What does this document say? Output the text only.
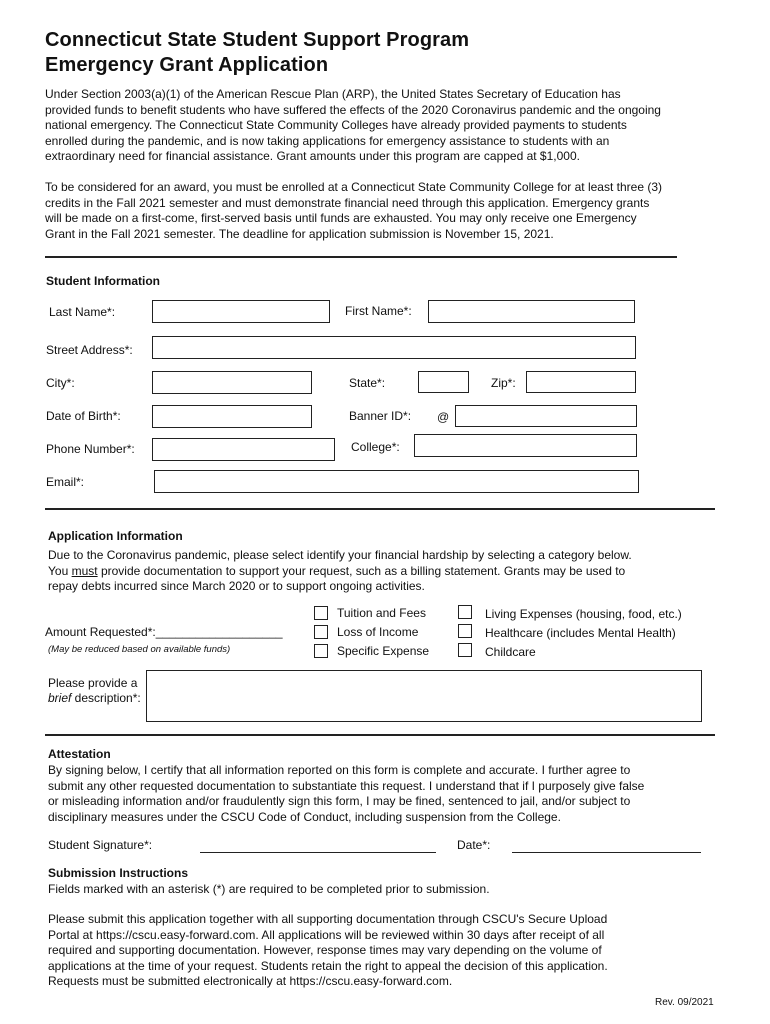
Connecticut State Student Support Program
Emergency Grant Application
Under Section 2003(a)(1) of the American Rescue Plan (ARP), the United States Secretary of Education has
provided funds to benefit students who have suffered the effects of the 2020 Coronavirus pandemic and the ongoing
national emergency. The Connecticut State Community Colleges have already provided payments to students
enrolled during the pandemic, and is now taking applications for emergency assistance to students with an
extraordinary need for financial assistance. Grant amounts under this program are capped at $1,000.
To be considered for an award, you must be enrolled at a Connecticut State Community College for at least three (3)
credits in the Fall 2021 semester and must demonstrate financial need through this application. Emergency grants
will be made on a first-come, first-served basis until funds are exhausted. You may only receive one Emergency
Grant in the Fall 2021 semester. The deadline for application submission is November 15, 2021.
Student Information
Last Name*:	First Name*:
Street Address*:
City*:	State*:	Zip*:
Date of Birth*:	Banner ID*: @
Phone Number*:	College*:
Email*:
Application Information
Due to the Coronavirus pandemic, please select identify your financial hardship by selecting a category below.
You must provide documentation to support your request, such as a billing statement. Grants may be used to
repay debts incurred since March 2020 or to support ongoing activities.
Amount Requested*:___________________
(May be reduced based on available funds)
Tuition and Fees
Loss of Income
Specific Expense
Living Expenses (housing, food, etc.)
Healthcare (includes Mental Health)
Childcare
Please provide a
brief description*:
Attestation
By signing below, I certify that all information reported on this form is complete and accurate. I further agree to
submit any other requested documentation to substantiate this request. I understand that if I purposely give false
or misleading information and/or fraudulently sign this form, I may be fined, sentenced to jail, and/or subject to
disciplinary measures under the CSCU Code of Conduct, including suspension from the College.
Student Signature*:	Date*:
Submission Instructions
Fields marked with an asterisk (*) are required to be completed prior to submission.
Please submit this application together with all supporting documentation through CSCU's Secure Upload
Portal at https://cscu.easy-forward.com. All applications will be reviewed within 30 days after receipt of all
required and supporting documentation. However, response times may vary depending on the volume of
applications at the time of your request. Students retain the right to appeal the decision of this application.
Requests must be submitted electronically at https://cscu.easy-forward.com.
Rev. 09/2021
